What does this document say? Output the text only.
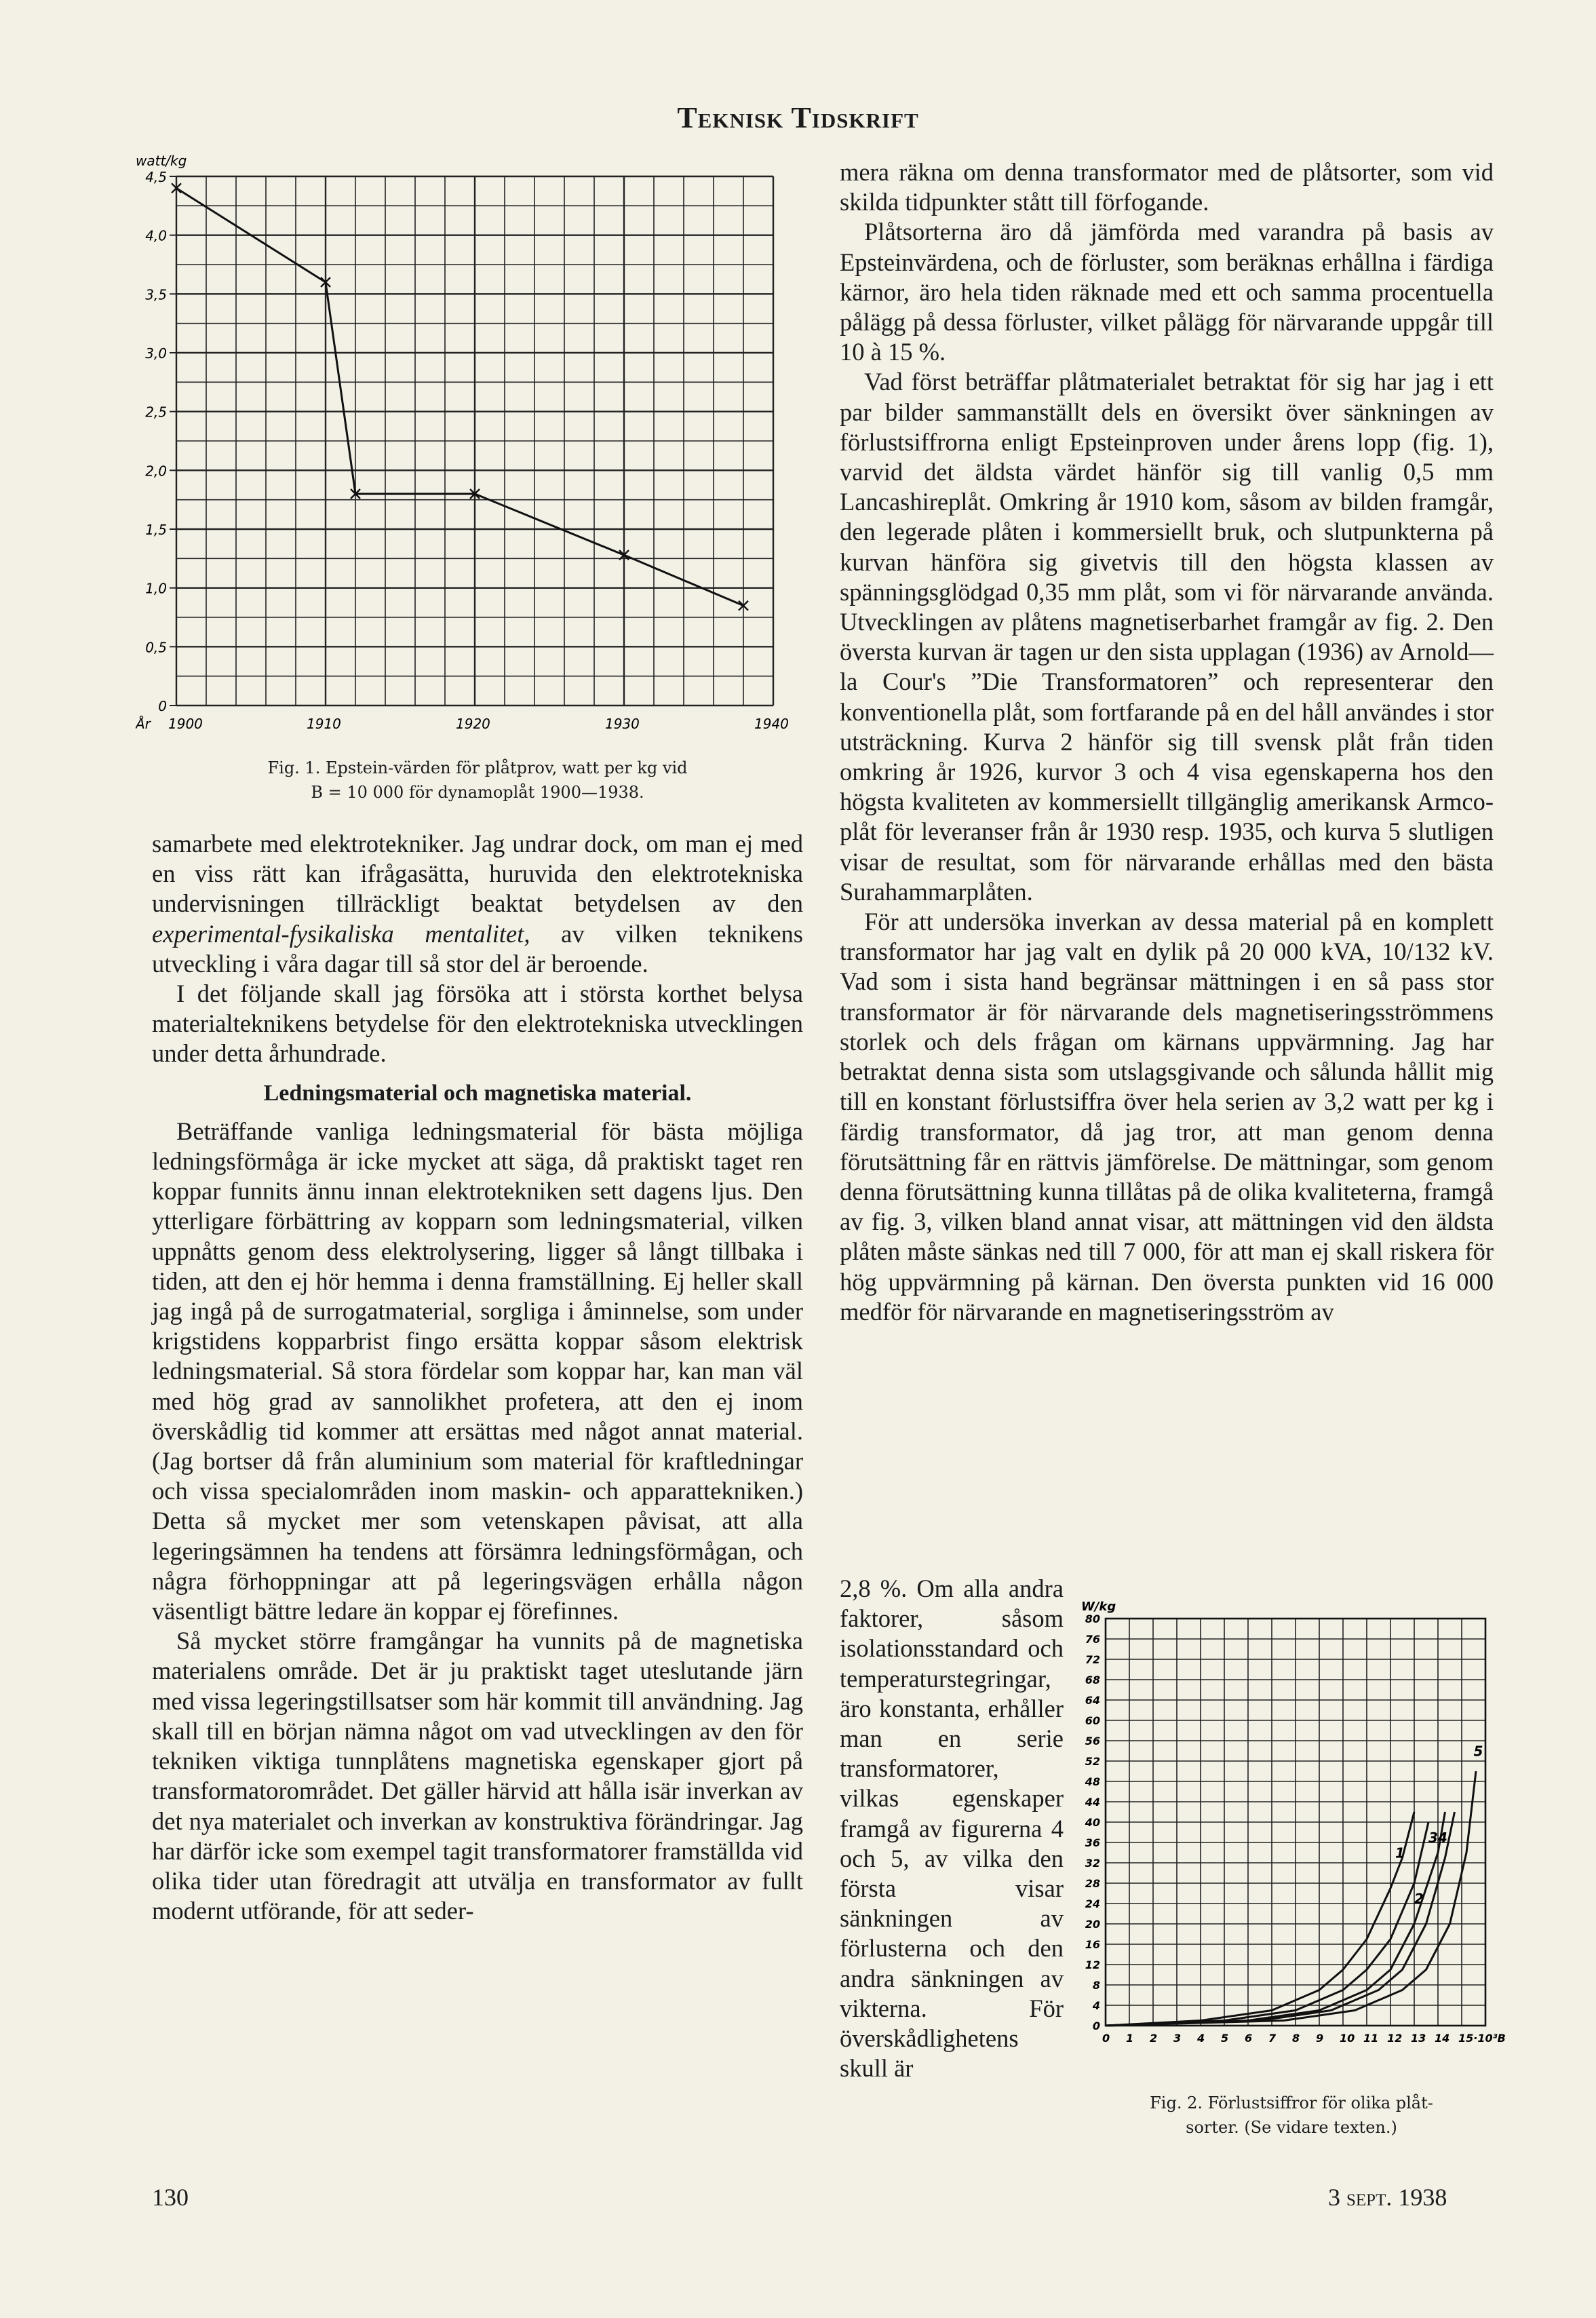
Teknisk Tidskrift
0
0,5
1,0
1,5
2,0
2,5
3,0
3,5
4,0
4,5
watt/kg
År 1900	1910	1920	1930	1940
Fig. 1. Epstein-värden för plåtprov, watt per kg vid
B = 10 000 för dynamoplåt 1900—1938.

samarbete med elektrotekniker. Jag undrar dock, om man ej med en viss rätt kan ifrågasätta, huruvida den elektrotekniska undervisningen tillräckligt beaktat betydelsen av den experimental-fysikaliska mentalitet, av vilken teknikens utveckling i våra dagar till så stor del är beroende.

I det följande skall jag försöka att i största korthet belysa materialteknikens betydelse för den elektrotekniska utvecklingen under detta århundrade.

Ledningsmaterial och magnetiska material.

Beträffande vanliga ledningsmaterial för bästa möjliga ledningsförmåga är icke mycket att säga, då praktiskt taget ren koppar funnits ännu innan elektrotekniken sett dagens ljus. Den ytterligare förbättring av kopparn som ledningsmaterial, vilken uppnåtts genom dess elektrolysering, ligger så långt tillbaka i tiden, att den ej hör hemma i denna framställning. Ej heller skall jag ingå på de surrogatmaterial, sorgliga i åminnelse, som under krigstidens kopparbrist fingo ersätta koppar såsom elektrisk ledningsmaterial. Så stora fördelar som koppar har, kan man väl med hög grad av sannolikhet profetera, att den ej inom överskådlig tid kommer att ersättas med något annat material. (Jag bortser då från aluminium som material för kraftledningar och vissa specialområden inom maskin- och apparattekniken.) Detta så mycket mer som vetenskapen påvisat, att alla legeringsämnen ha tendens att försämra ledningsförmågan, och några förhoppningar att på legeringsvägen erhålla någon väsentligt bättre ledare än koppar ej förefinnes.

Så mycket större framgångar ha vunnits på de magnetiska materialens område. Det är ju praktiskt taget uteslutande järn med vissa legeringstillsatser som här kommit till användning. Jag skall till en början nämna något om vad utvecklingen av den för tekniken viktiga tunnplåtens magnetiska egenskaper gjort på transformatorområdet. Det gäller härvid att hålla isär inverkan av det nya materialet och inverkan av konstruktiva förändringar. Jag har därför icke som exempel tagit transformatorer framställda vid olika tider utan föredragit att utvälja en transformator av fullt modernt utförande, för att seder-

mera räkna om denna transformator med de plåtsorter, som vid skilda tidpunkter stått till förfogande.

Plåtsorterna äro då jämförda med varandra på basis av Epsteinvärdena, och de förluster, som beräknas erhållna i färdiga kärnor, äro hela tiden räknade med ett och samma procentuella pålägg på dessa förluster, vilket pålägg för närvarande uppgår till 10 à 15 %.

Vad först beträffar plåtmaterialet betraktat för sig har jag i ett par bilder sammanställt dels en översikt över sänkningen av förlustsiffrorna enligt Epsteinproven under årens lopp (fig. 1), varvid det äldsta värdet hänför sig till vanlig 0,5 mm Lancashireplåt. Omkring år 1910 kom, såsom av bilden framgår, den legerade plåten i kommersiellt bruk, och slutpunkterna på kurvan hänföra sig givetvis till den högsta klassen av spänningsglödgad 0,35 mm plåt, som vi för närvarande använda. Utvecklingen av plåtens magnetiserbarhet framgår av fig. 2. Den översta kurvan är tagen ur den sista upplagan (1936) av Arnold—la Cour's ”Die Transformatoren” och representerar den konventionella plåt, som fortfarande på en del håll användes i stor utsträckning. Kurva 2 hänför sig till svensk plåt från tiden omkring år 1926, kurvor 3 och 4 visa egenskaperna hos den högsta kvaliteten av kommersiellt tillgänglig amerikansk Armco-plåt för leveranser från år 1930 resp. 1935, och kurva 5 slutligen visar de resultat, som för närvarande erhållas med den bästa Surahammarplåten.

För att undersöka inverkan av dessa material på en komplett transformator har jag valt en dylik på 20 000 kVA, 10/132 kV. Vad som i sista hand begränsar mättningen i en så pass stor transformator är för närvarande dels magnetiseringsströmmens storlek och dels frågan om kärnans uppvärmning. Jag har betraktat denna sista som utslagsgivande och sålunda hållit mig till en konstant förlustsiffra över hela serien av 3,2 watt per kg i färdig transformator, då jag tror, att man genom denna förutsättning får en rättvis jämförelse. De mättningar, som genom denna förutsättning kunna tillåtas på de olika kvaliteterna, framgå av fig. 3, vilken bland annat visar, att mättningen vid den äldsta plåten måste sänkas ned till 7 000, för att man ej skall riskera för hög uppvärmning på kärnan. Den översta punkten vid 16 000 medför för närvarande en magnetiseringsström av

2,8 %. Om alla andra faktorer, såsom isolationsstandard och temperaturstegringar, äro konstanta, erhåller man en serie transformatorer, vilkas egenskaper framgå av figurerna 4 och 5, av vilka den första visar sänkningen av förlusterna och den andra sänkningen av vikterna. För överskådlighetens skull är

0
4
8
12
16
20
24
28
32
36
40
44
48
52
56
60
64
68
72
76
80
W/kg
0 1 2 3 4 5 6 7 8 9 10 11 12 13 14 15·10³B
1
2
3 4
5
Fig. 2. Förlustsiffror för olika plåt-
sorter. (Se vidare texten.)
130	3 sept. 1938
